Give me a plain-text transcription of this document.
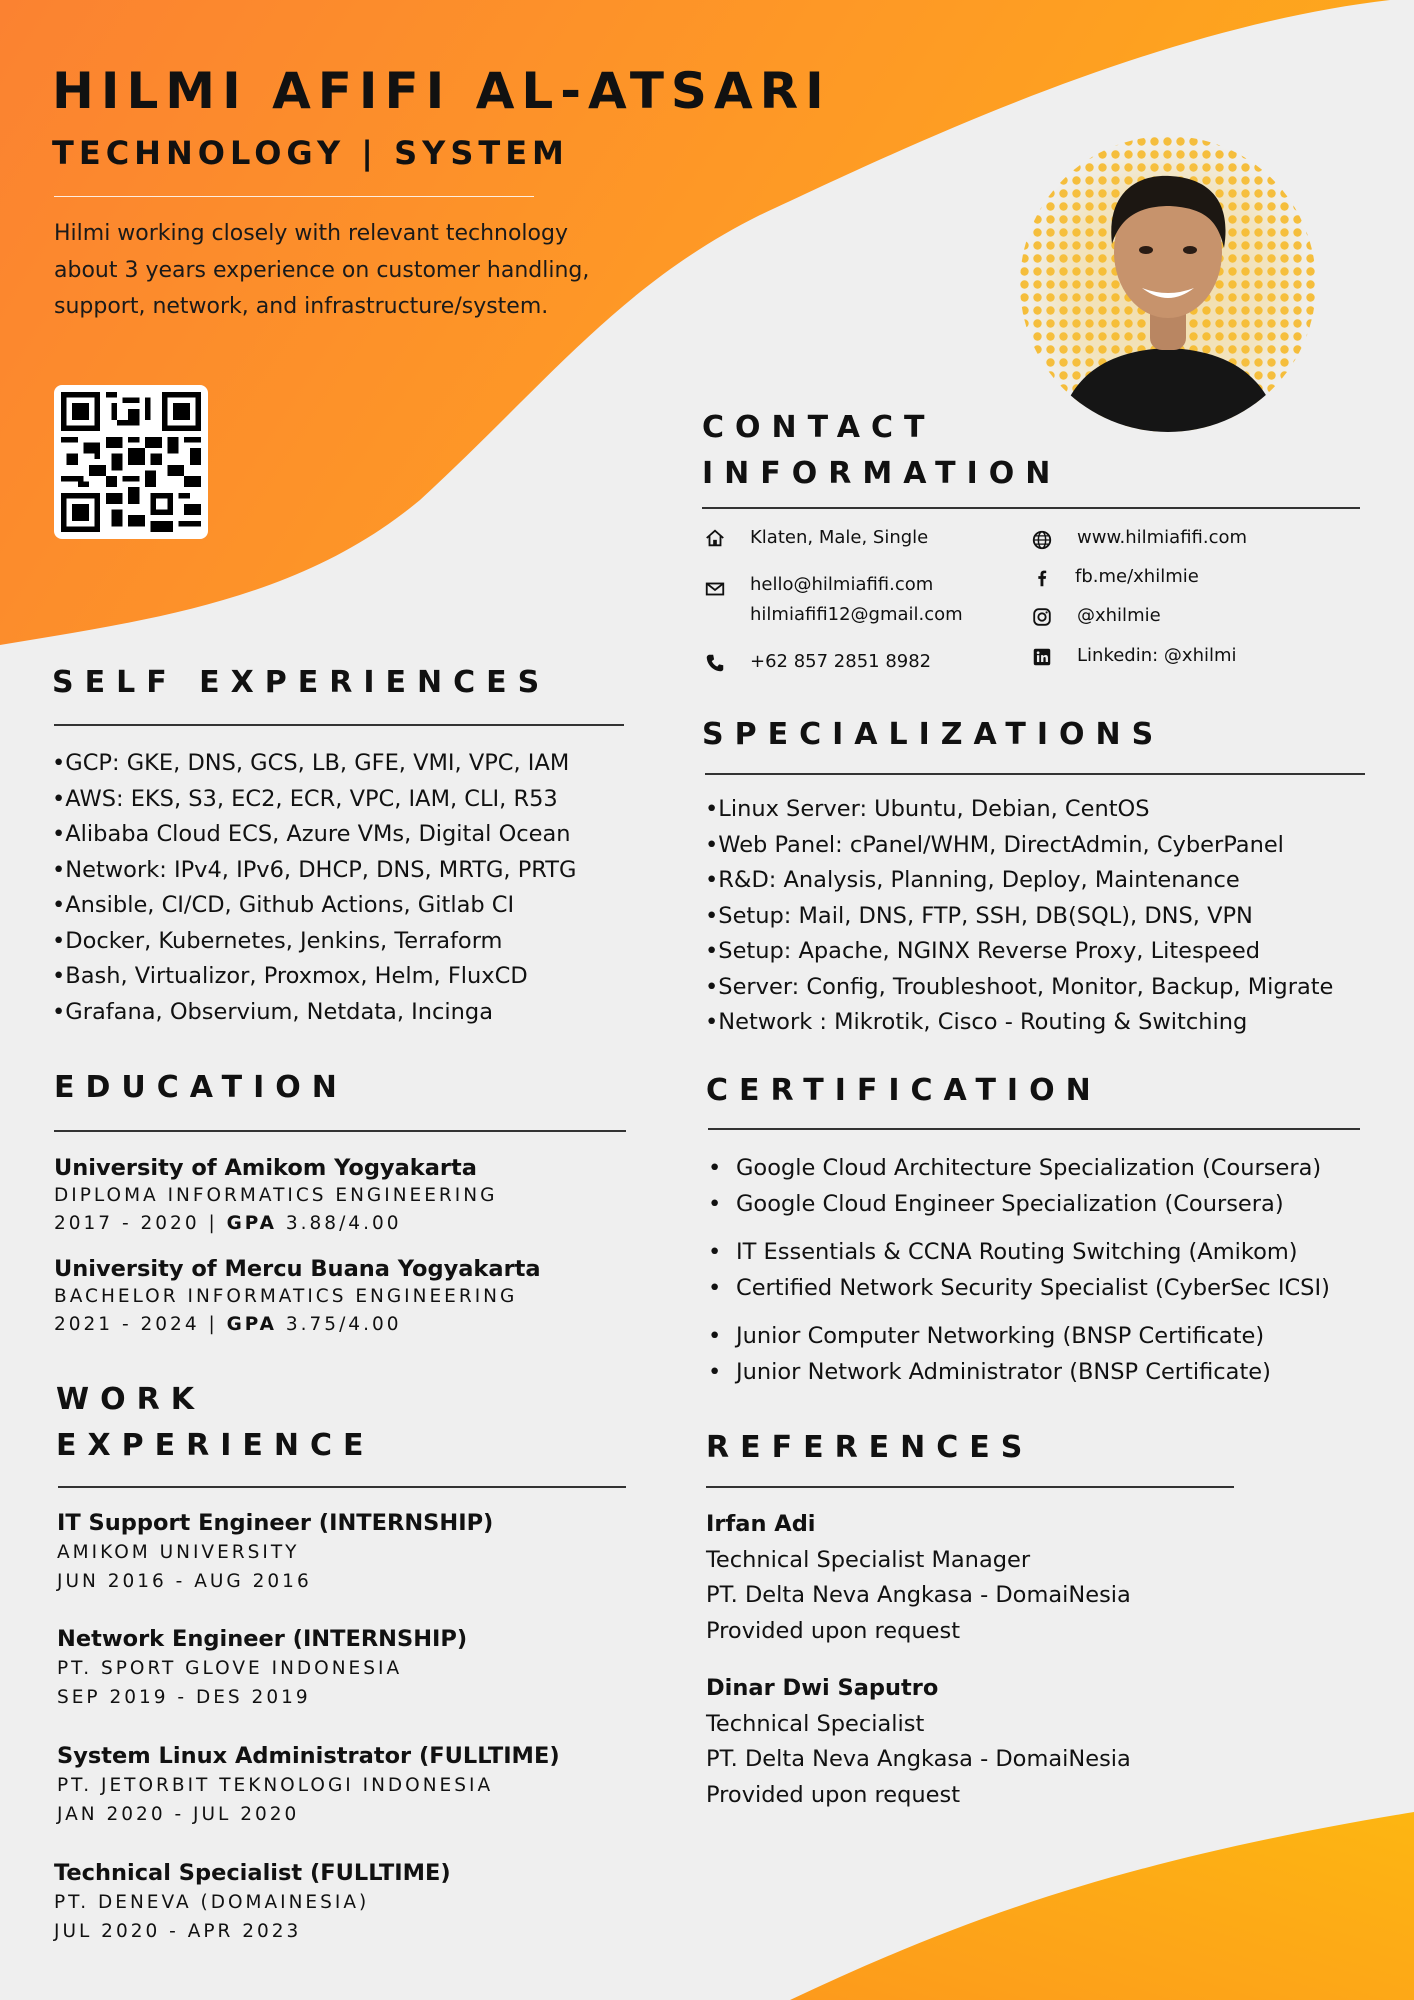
HILMI AFIFI AL-ATSARI
TECHNOLOGY | SYSTEM
Hilmi working closely with relevant technology about 3 years experience on customer handling, support, network, and infrastructure/system.
CONTACT
INFORMATION
Klaten, Male, Single
hello@hilmiafifi.com
hilmiafifi12@gmail.com
+62 857 2851 8982
www.hilmiafifi.com
fb.me/xhilmie
@xhilmie
Linkedin: @xhilmi
SELF EXPERIENCES
• GCP: GKE, DNS, GCS, LB, GFE, VMI, VPC, IAM
• AWS: EKS, S3, EC2, ECR, VPC, IAM, CLI, R53
• Alibaba Cloud ECS, Azure VMs, Digital Ocean
• Network: IPv4, IPv6, DHCP, DNS, MRTG, PRTG
• Ansible, CI/CD, Github Actions, Gitlab CI
• Docker, Kubernetes, Jenkins, Terraform
• Bash, Virtualizor, Proxmox, Helm, FluxCD
• Grafana, Observium, Netdata, Incinga
SPECIALIZATIONS
• Linux Server: Ubuntu, Debian, CentOS
• Web Panel: cPanel/WHM, DirectAdmin, CyberPanel
• R&D: Analysis, Planning, Deploy, Maintenance
• Setup: Mail, DNS, FTP, SSH, DB(SQL), DNS, VPN
• Setup: Apache, NGINX Reverse Proxy, Litespeed
• Server: Config, Troubleshoot, Monitor, Backup, Migrate
• Network : Mikrotik, Cisco - Routing & Switching
EDUCATION
University of Amikom Yogyakarta
DIPLOMA INFORMATICS ENGINEERING
2017 - 2020 | GPA 3.88/4.00
University of Mercu Buana Yogyakarta
BACHELOR INFORMATICS ENGINEERING
2021 - 2024 | GPA 3.75/4.00
CERTIFICATION
• Google Cloud Architecture Specialization (Coursera)
• Google Cloud Engineer Specialization (Coursera)
• IT Essentials & CCNA Routing Switching (Amikom)
• Certified Network Security Specialist (CyberSec ICSI)
• Junior Computer Networking (BNSP Certificate)
• Junior Network Administrator (BNSP Certificate)
WORK
EXPERIENCE
IT Support Engineer (INTERNSHIP)
AMIKOM UNIVERSITY
JUN 2016 - AUG 2016
Network Engineer (INTERNSHIP)
PT. SPORT GLOVE INDONESIA
SEP 2019 - DES 2019
System Linux Administrator (FULLTIME)
PT. JETORBIT TEKNOLOGI INDONESIA
JAN 2020 - JUL 2020
Technical Specialist (FULLTIME)
PT. DENEVA (DOMAINESIA)
JUL 2020 - APR 2023
REFERENCES
Irfan Adi
Technical Specialist Manager
PT. Delta Neva Angkasa - DomaiNesia
Provided upon request
Dinar Dwi Saputro
Technical Specialist
PT. Delta Neva Angkasa - DomaiNesia
Provided upon request
